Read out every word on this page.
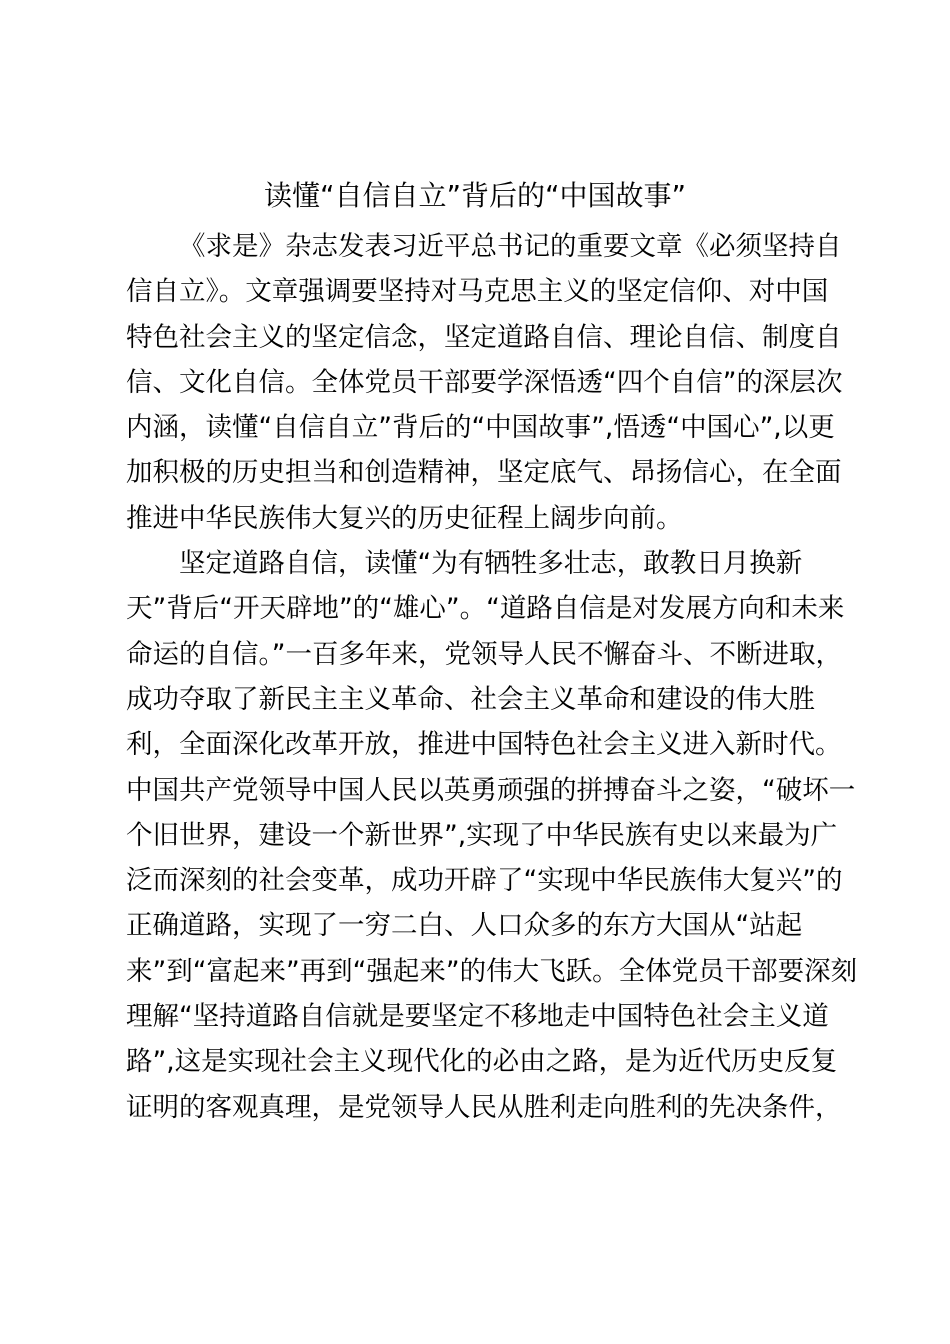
读懂“自信自立”背后的“中国故事”
《求是》杂志发表习近平总书记的重要文章《必须坚持自
信自立》。文章强调要坚持对马克思主义的坚定信仰、对中国
特色社会主义的坚定信念，坚定道路自信、理论自信、制度自
信、文化自信。全体党员干部要学深悟透“四个自信”的深层次
内涵，读懂“自信自立”背后的“中国故事”,悟透“中国心”,以更
加积极的历史担当和创造精神，坚定底气、昂扬信心，在全面
推进中华民族伟大复兴的历史征程上阔步向前。
坚定道路自信，读懂“为有牺牲多壮志，敢教日月换新
天”背后“开天辟地”的“雄心”。“道路自信是对发展方向和未来
命运的自信。”一百多年来，党领导人民不懈奋斗、不断进取，
成功夺取了新民主主义革命、社会主义革命和建设的伟大胜
利，全面深化改革开放，推进中国特色社会主义进入新时代。
中国共产党领导中国人民以英勇顽强的拼搏奋斗之姿，“破坏一
个旧世界，建设一个新世界”,实现了中华民族有史以来最为广
泛而深刻的社会变革，成功开辟了“实现中华民族伟大复兴”的
正确道路，实现了一穷二白、人口众多的东方大国从“站起
来”到“富起来”再到“强起来”的伟大飞跃。全体党员干部要深刻
理解“坚持道路自信就是要坚定不移地走中国特色社会主义道
路”,这是实现社会主义现代化的必由之路，是为近代历史反复
证明的客观真理，是党领导人民从胜利走向胜利的先决条件，
